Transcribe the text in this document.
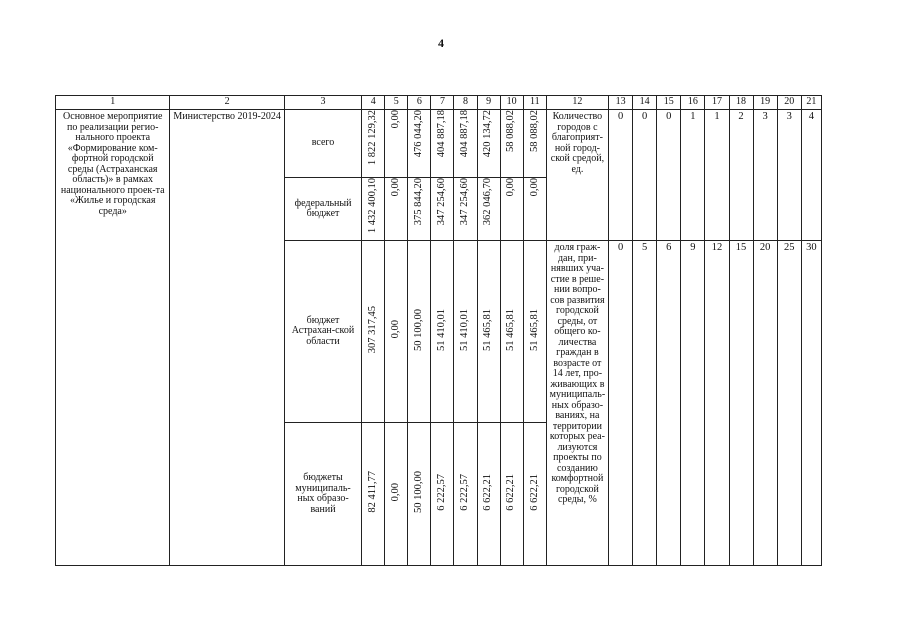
4
1	2	3	4	5	6	7	8	9	10	11	12	13	14	15	16	17	18	19	20	21

Основное мероприятие по реализации регио-нального проекта «Формирование ком-фортной городской среды (Астраханская область)» в рамках национального проек-та «Жилье и городская среда»	Министерство 2019-2024	всего	1 822 129,32	0,00	476 044,20	404 887,18	404 887,18	420 134,72	58 088,02	58 088,02	Количество городов с благоприят-ной город-ской средой, ед.	0	0	0	1	1	2	3	3	4

федеральный бюджет	1 432 400,10	0,00	375 844,20	347 254,60	347 254,60	362 046,70	0,00	0,00										

бюджет Астрахан-ской области	307 317,45	0,00	50 100,00	51 410,01	51 410,01	51 465,81	51 465,81	51 465,81	доля граж-дан, при-нявших уча-стие в реше-нии вопро-сов развития городской среды, от общего ко-личества граждан в возрасте от 14 лет, про-живающих в муниципаль-ных образо-ваниях, на территории которых реа-лизуются проекты по созданию комфортной городской среды, %	0	5	6	9	12	15	20	25	30

бюджеты муниципаль-ных образо-ваний	82 411,77	0,00	50 100,00	6 222,57	6 222,57	6 622,21	6 622,21	6 622,21										
